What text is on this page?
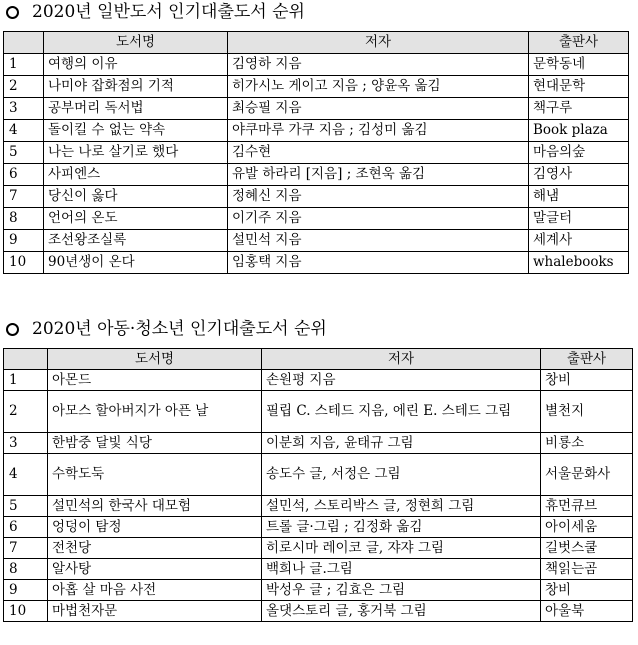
2020년 일반도서 인기대출도서 순위
	도서명	저자	출판사
1	여행의 이유	김영하 지음	문학동네
2	나미야 잡화점의 기적	히가시노 게이고 지음 ; 양윤옥 옮김	현대문학
3	공부머리 독서법	최승필 지음	책구루
4	돌이킬 수 없는 약속	야쿠마루 가쿠 지음 ; 김성미 옮김	Book plaza
5	나는 나로 살기로 했다	김수현	마음의숲
6	사피엔스	유발 하라리 [지음] ; 조현욱 옮김	김영사
7	당신이 옳다	정혜신 지음	해냄
8	언어의 온도	이기주 지음	말글터
9	조선왕조실록	설민석 지음	세계사
10	90년생이 온다	임홍택 지음	whalebooks
2020년 아동·청소년 인기대출도서 순위
	도서명	저자	출판사
1	아몬드	손원평 지음	창비
2	아모스 할아버지가 아픈 날	필립 C. 스테드 지음, 에린 E. 스테드 그림	별천지
3	한밤중 달빛 식당	이분희 지음, 윤태규 그림	비룡소
4	수학도둑	송도수 글, 서정은 그림	서울문화사
5	설민석의 한국사 대모험	설민석, 스토리박스 글, 정현희 그림	휴먼큐브
6	엉덩이 탐정	트롤 글·그림 ; 김정화 옮김	아이세움
7	전천당	히로시마 레이코 글, 쟈쟈 그림	길벗스쿨
8	알사탕	백희나 글.그림	책읽는곰
9	아홉 살 마음 사전	박성우 글 ; 김효은 그림	창비
10	마법천자문	올댓스토리 글, 홍거북 그림	아울북
